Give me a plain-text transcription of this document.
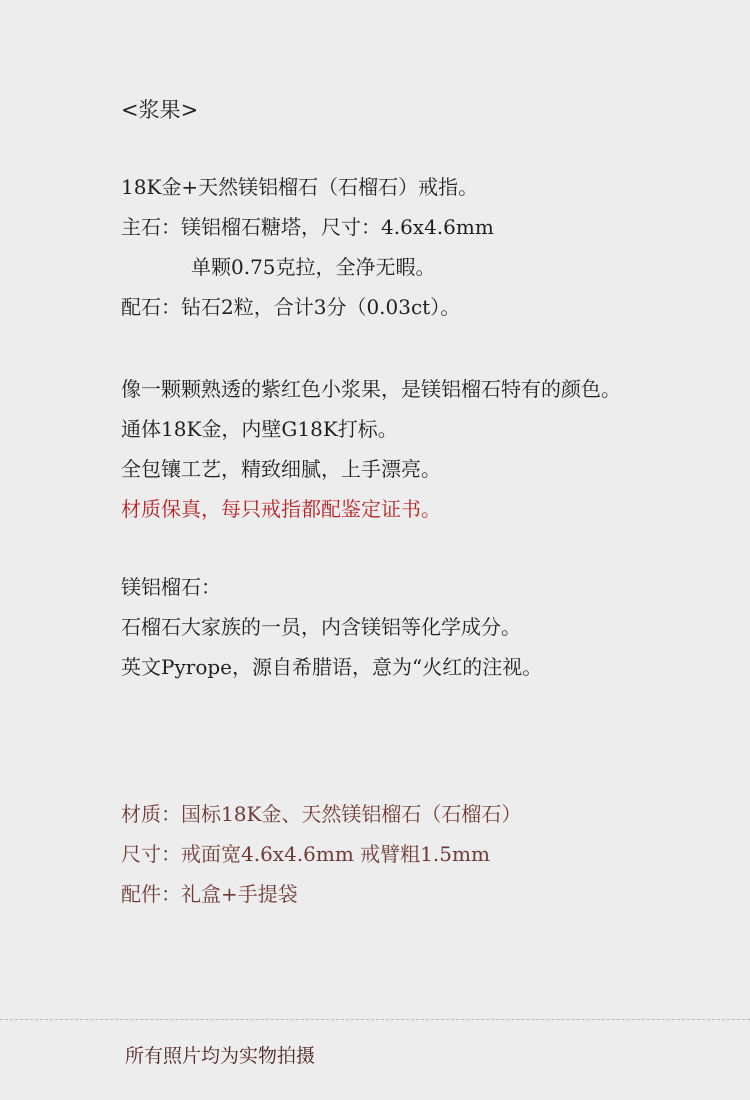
<浆果>
18K金+天然镁铝榴石（石榴石）戒指。
主石：镁铝榴石糖塔，尺寸：4.6x4.6mm
单颗0.75克拉，全净无暇。
配石：钻石2粒，合计3分（0.03ct）。
像一颗颗熟透的紫红色小浆果，是镁铝榴石特有的颜色。
通体18K金，内壁G18K打标。
全包镶工艺，精致细腻，上手漂亮。
材质保真，每只戒指都配鉴定证书。
镁铝榴石：
石榴石大家族的一员，内含镁铝等化学成分。
英文Pyrope，源自希腊语，意为“火红的注视。
材质：国标18K金、天然镁铝榴石（石榴石）
尺寸：戒面宽4.6x4.6mm 戒臂粗1.5mm
配件：礼盒+手提袋
所有照片均为实物拍摄
